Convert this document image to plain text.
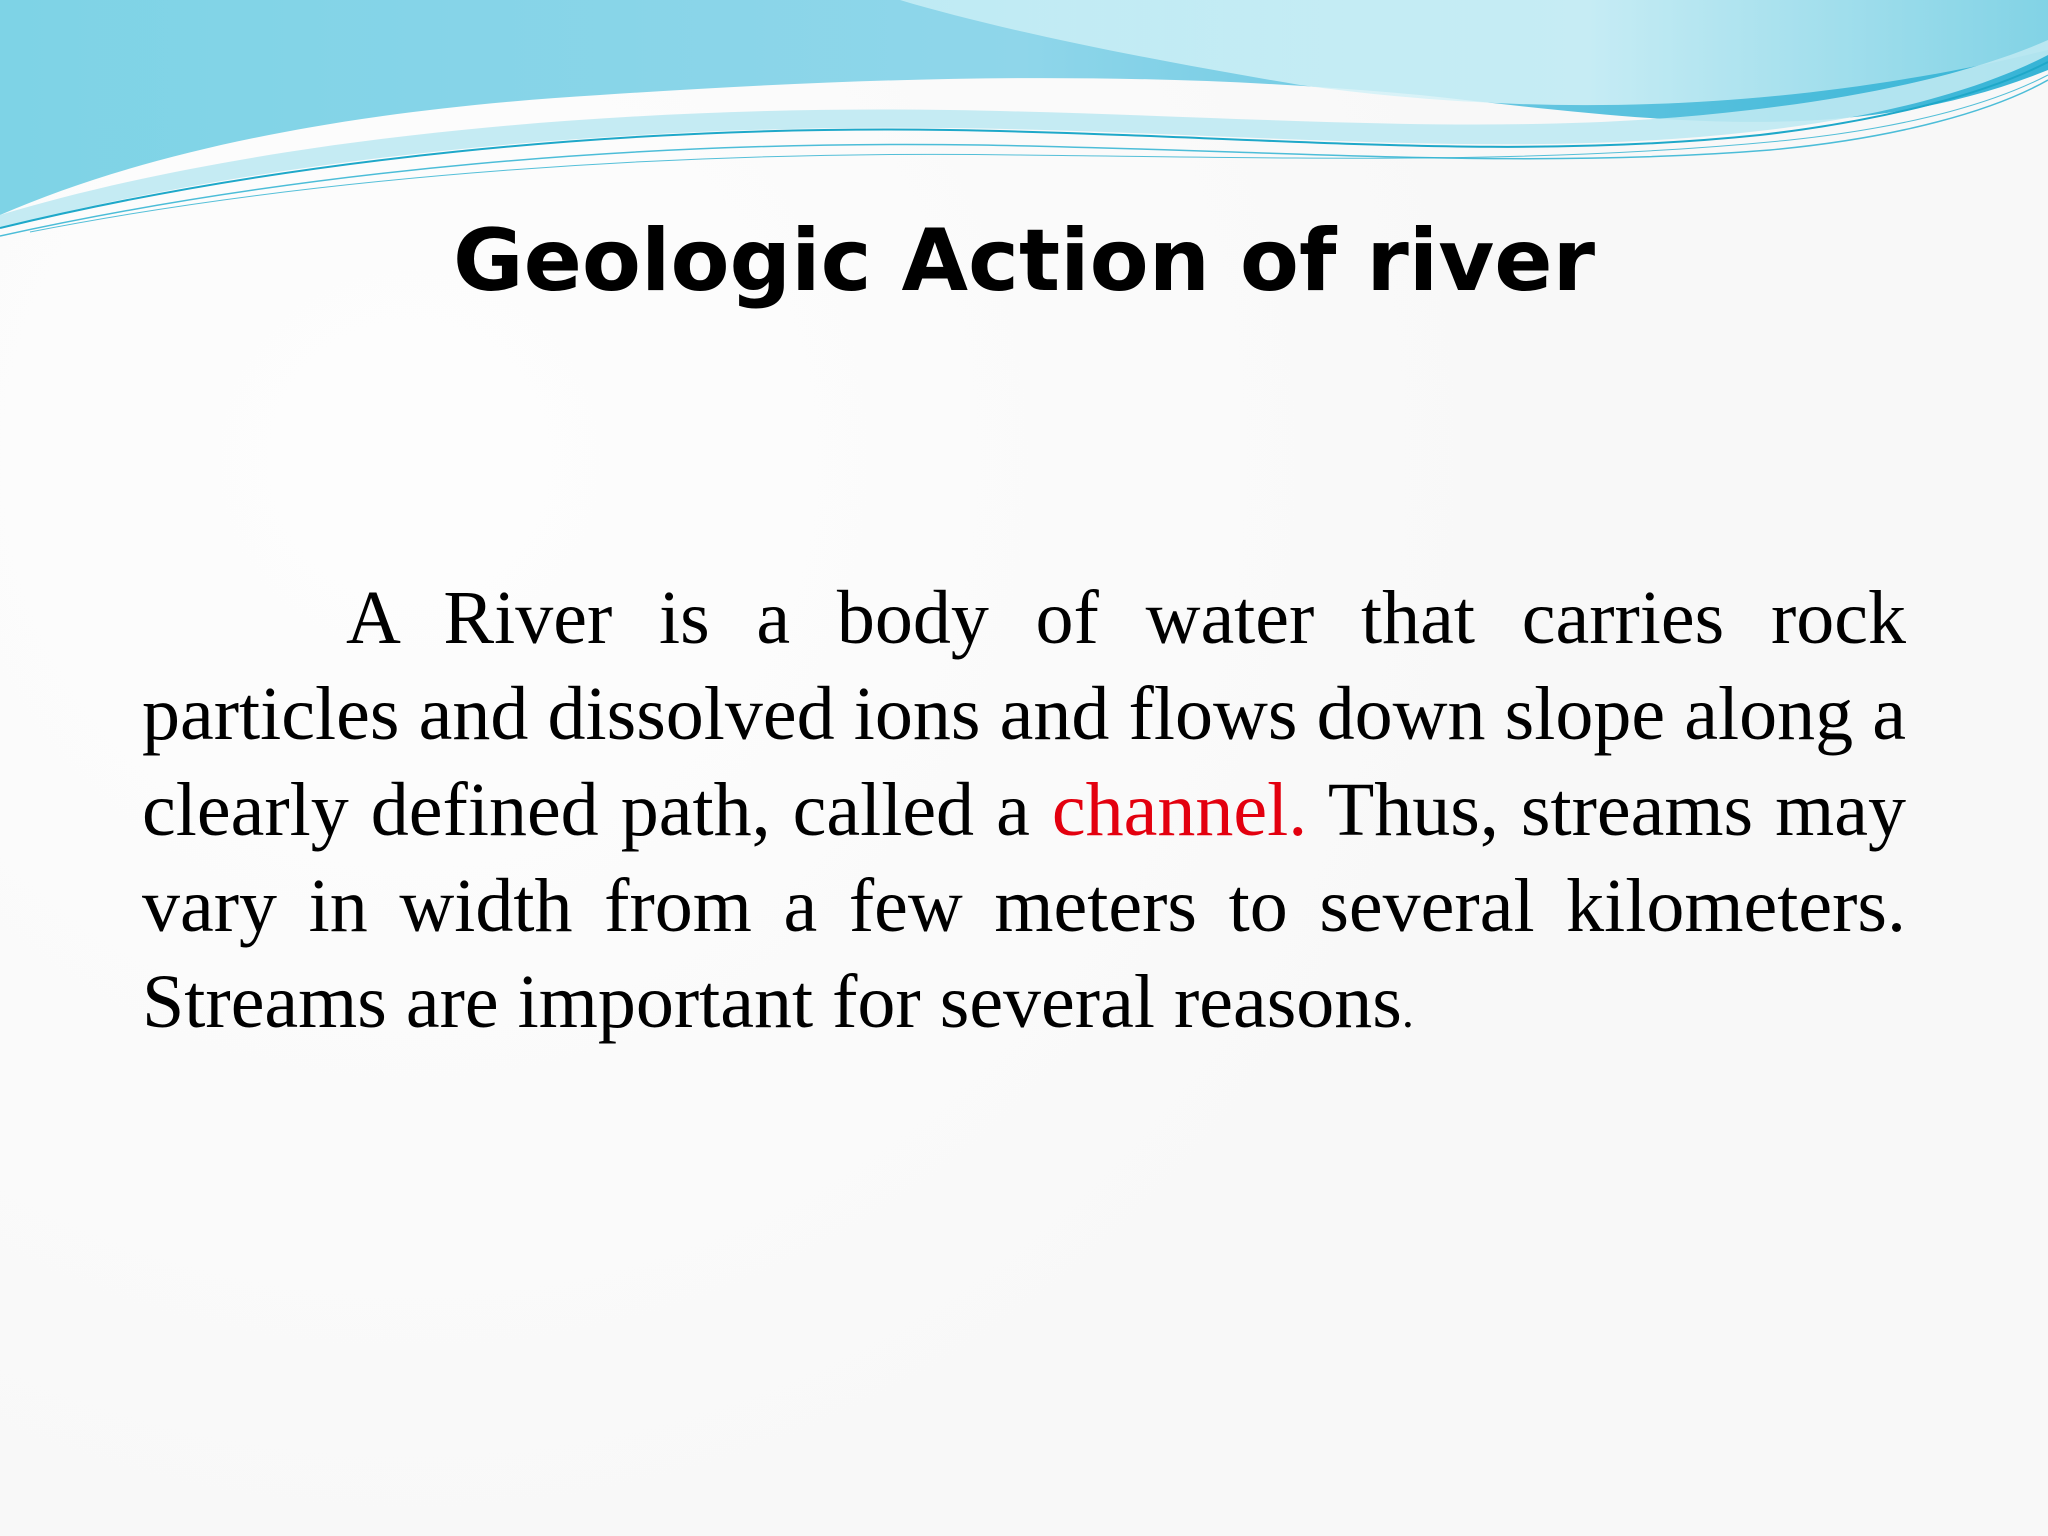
Geologic Action of river

A River is a body of water that carries rock particles and dissolved ions and flows down slope along a clearly defined path, called a channel. Thus, streams may vary in width from a few meters to several kilometers. Streams are important for several reasons.
